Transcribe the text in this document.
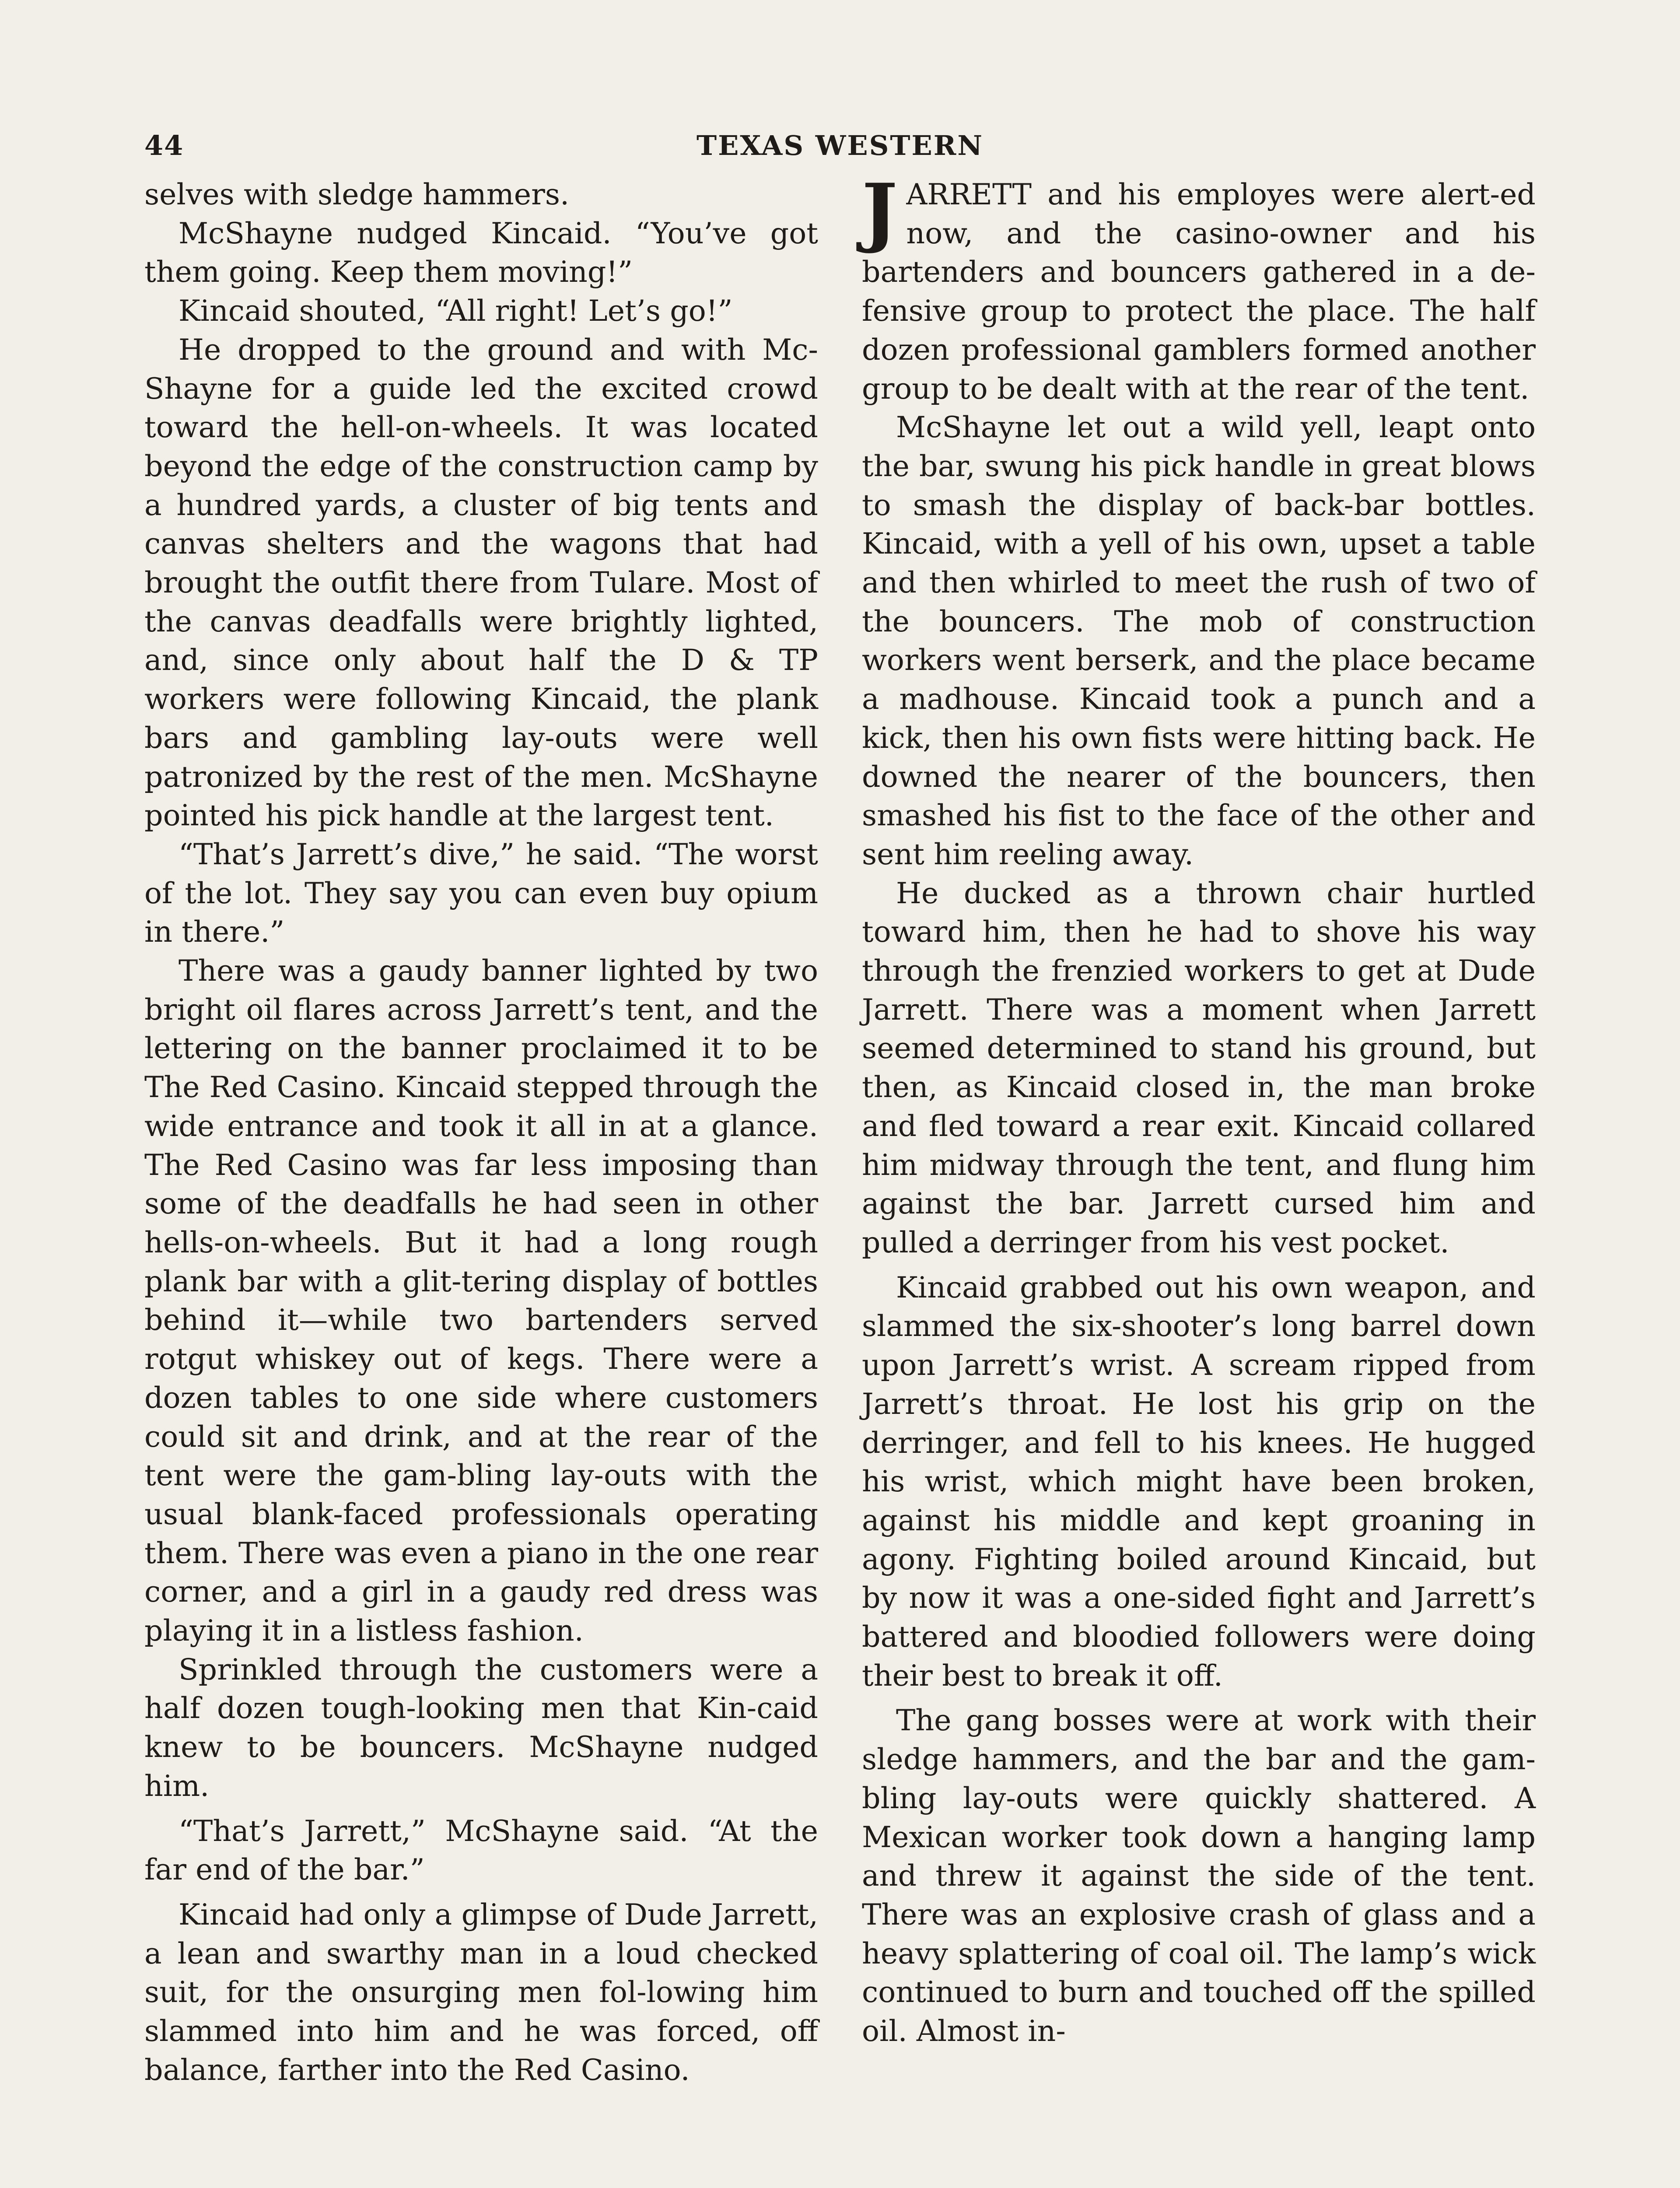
44	TEXAS WESTERN

selves with sledge hammers.

McShayne nudged Kincaid. “You’ve got them going. Keep them moving!”

Kincaid shouted, “All right! Let’s go!”

He dropped to the ground and with Mc-Shayne for a guide led the excited crowd toward the hell-on-wheels. It was located beyond the edge of the construction camp by a hundred yards, a cluster of big tents and canvas shelters and the wagons that had brought the outfit there from Tulare. Most of the canvas deadfalls were brightly lighted, and, since only about half the D & TP workers were following Kincaid, the plank bars and gambling lay-outs were well patronized by the rest of the men. McShayne pointed his pick handle at the largest tent.

“That’s Jarrett’s dive,” he said. “The worst of the lot. They say you can even buy opium in there.”

There was a gaudy banner lighted by two bright oil flares across Jarrett’s tent, and the lettering on the banner proclaimed it to be The Red Casino. Kincaid stepped through the wide entrance and took it all in at a glance. The Red Casino was far less imposing than some of the deadfalls he had seen in other hells-on-wheels. But it had a long rough plank bar with a glit-tering display of bottles behind it—while two bartenders served rotgut whiskey out of kegs. There were a dozen tables to one side where customers could sit and drink, and at the rear of the tent were the gam-bling lay-outs with the usual blank-faced professionals operating them. There was even a piano in the one rear corner, and a girl in a gaudy red dress was playing it in a listless fashion.

Sprinkled through the customers were a half dozen tough-looking men that Kin-caid knew to be bouncers. McShayne nudged him.

“That’s Jarrett,” McShayne said. “At the far end of the bar.”

Kincaid had only a glimpse of Dude Jarrett, a lean and swarthy man in a loud checked suit, for the onsurging men fol-lowing him slammed into him and he was forced, off balance, farther into the Red Casino.

JARRETT and his employes were alert-ed now, and the casino-owner and his bartenders and bouncers gathered in a de-fensive group to protect the place. The half dozen professional gamblers formed another group to be dealt with at the rear of the tent.

McShayne let out a wild yell, leapt onto the bar, swung his pick handle in great blows to smash the display of back-bar bottles. Kincaid, with a yell of his own, upset a table and then whirled to meet the rush of two of the bouncers. The mob of construction workers went berserk, and the place became a madhouse. Kincaid took a punch and a kick, then his own fists were hitting back. He downed the nearer of the bouncers, then smashed his fist to the face of the other and sent him reeling away.

He ducked as a thrown chair hurtled toward him, then he had to shove his way through the frenzied workers to get at Dude Jarrett. There was a moment when Jarrett seemed determined to stand his ground, but then, as Kincaid closed in, the man broke and fled toward a rear exit. Kincaid collared him midway through the tent, and flung him against the bar. Jarrett cursed him and pulled a derringer from his vest pocket.

Kincaid grabbed out his own weapon, and slammed the six-shooter’s long barrel down upon Jarrett’s wrist. A scream ripped from Jarrett’s throat. He lost his grip on the derringer, and fell to his knees. He hugged his wrist, which might have been broken, against his middle and kept groaning in agony. Fighting boiled around Kincaid, but by now it was a one-sided fight and Jarrett’s battered and bloodied followers were doing their best to break it off.

The gang bosses were at work with their sledge hammers, and the bar and the gam-bling lay-outs were quickly shattered. A Mexican worker took down a hanging lamp and threw it against the side of the tent. There was an explosive crash of glass and a heavy splattering of coal oil. The lamp’s wick continued to burn and touched off the spilled oil. Almost in-
